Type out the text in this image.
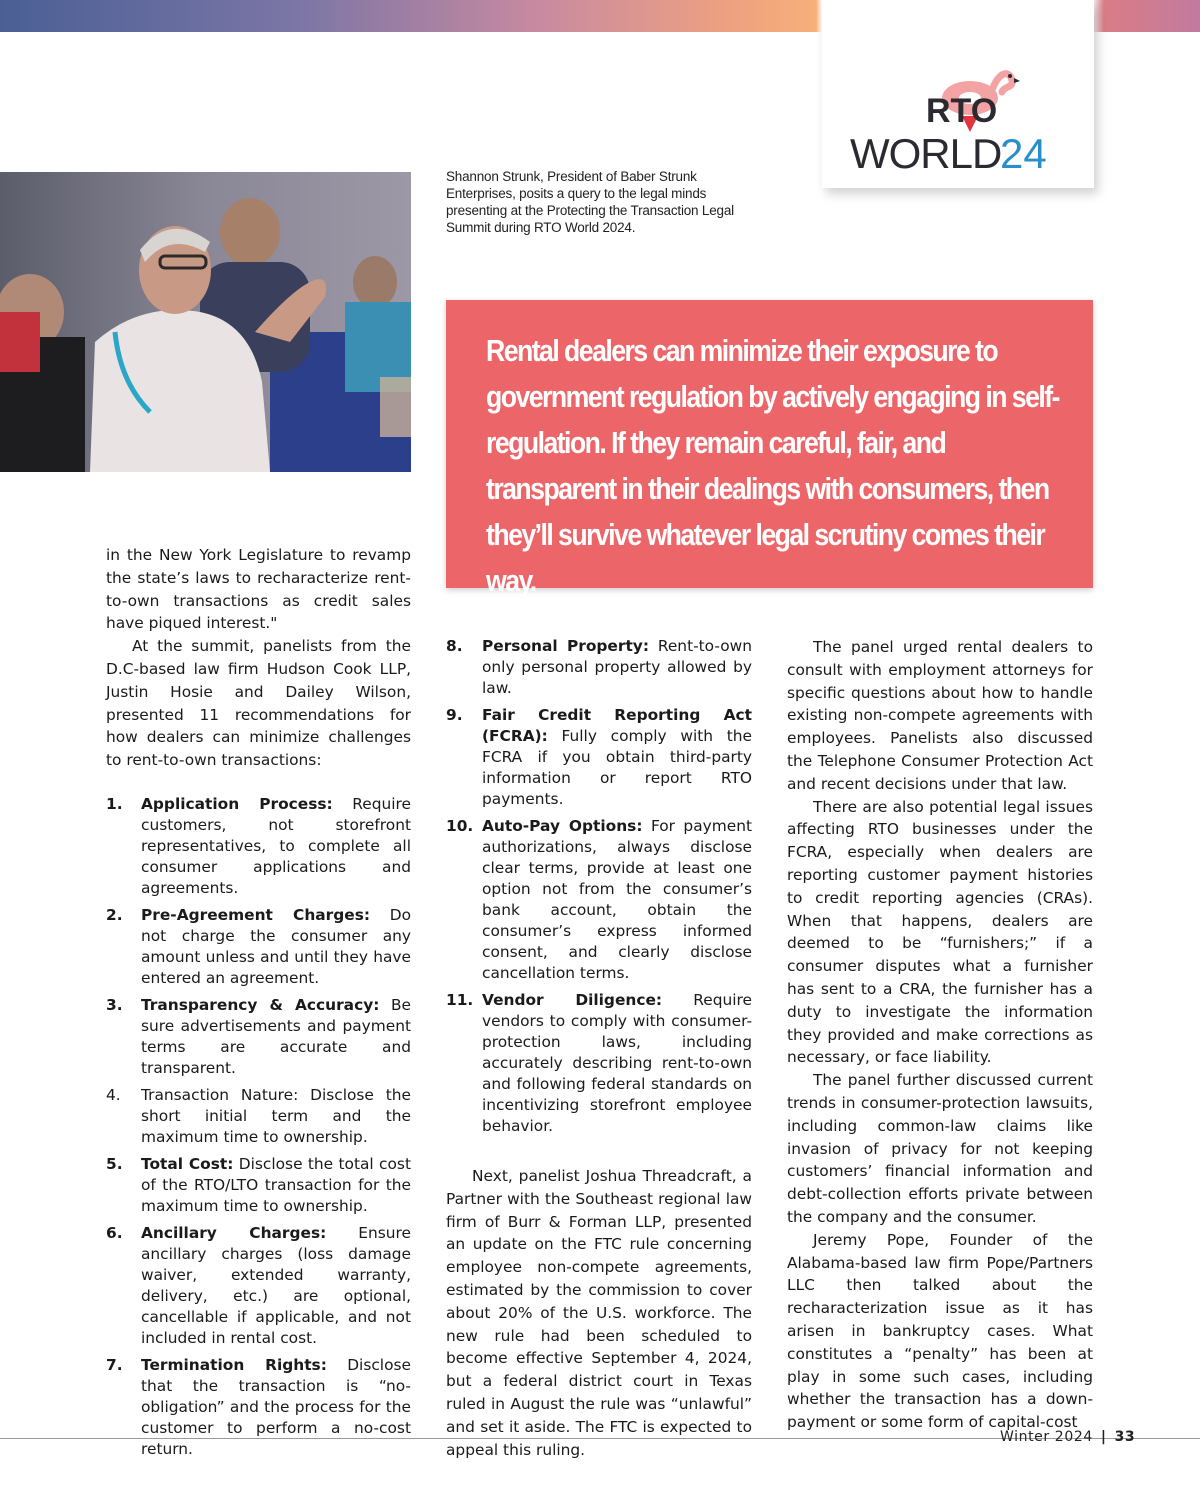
RTO
WORLD
24
Shannon Strunk, President of Baber Strunk Enterprises, posits a query to the legal minds presenting at the Protecting the Transaction Legal Summit during RTO World 2024.

Rental dealers can minimize their exposure to government regulation by actively engaging in self-regulation. If they remain careful, fair, and transparent in their dealings with consumers, then they’ll survive whatever legal scrutiny comes their way.

in the New York Legislature to revamp the state’s laws to recharacterize rent-to-own transactions as credit sales have piqued interest."

At the summit, panelists from the D.C-based law firm Hudson Cook LLP, Justin Hosie and Dailey Wilson, presented 11 recommendations for how dealers can minimize challenges to rent-to-own transactions:

1. Application Process: Require customers, not storefront representatives, to complete all consumer applications and agreements.
2. Pre-Agreement Charges: Do not charge the consumer any amount unless and until they have entered an agreement.
3. Transparency & Accuracy: Be sure advertisements and payment terms are accurate and transparent.
4. Transaction Nature: Disclose the short initial term and the maximum time to ownership.
5. Total Cost: Disclose the total cost of the RTO/LTO transaction for the maximum time to ownership.
6. Ancillary Charges: Ensure ancillary charges (loss damage waiver, extended warranty, delivery, etc.) are optional, cancellable if applicable, and not included in rental cost.
7. Termination Rights: Disclose that the transaction is “no-obligation” and the process for the customer to perform a no-cost return.
8. Personal Property: Rent-to-own only personal property allowed by law.
9. Fair Credit Reporting Act (FCRA): Fully comply with the FCRA if you obtain third-party information or report RTO payments.
10. Auto-Pay Options: For payment authorizations, always disclose clear terms, provide at least one option not from the consumer’s bank account, obtain the consumer’s express informed consent, and clearly disclose cancellation terms.
11. Vendor Diligence: Require vendors to comply with consumer-protection laws, including accurately describing rent-to-own and following federal standards on incentivizing storefront employee behavior.

Next, panelist Joshua Threadcraft, a Partner with the Southeast regional law firm of Burr & Forman LLP, presented an update on the FTC rule concerning employee non-compete agreements, estimated by the commission to cover about 20% of the U.S. workforce. The new rule had been scheduled to become effective September 4, 2024, but a federal district court in Texas ruled in August the rule was “unlawful” and set it aside. The FTC is expected to appeal this ruling.

The panel urged rental dealers to consult with employment attorneys for specific questions about how to handle existing non-compete agreements with employees. Panelists also discussed the Telephone Consumer Protection Act and recent decisions under that law.

There are also potential legal issues affecting RTO businesses under the FCRA, especially when dealers are reporting customer payment histories to credit reporting agencies (CRAs). When that happens, dealers are deemed to be “furnishers;” if a consumer disputes what a furnisher has sent to a CRA, the furnisher has a duty to investigate the information they provided and make corrections as necessary, or face liability.

The panel further discussed current trends in consumer-protection lawsuits, including common-law claims like invasion of privacy for not keeping customers’ financial information and debt-collection efforts private between the company and the consumer.

Jeremy Pope, Founder of the Alabama-based law firm Pope/Partners LLC then talked about the recharacterization issue as it has arisen in bankruptcy cases. What constitutes a “penalty” has been at play in some such cases, including whether the transaction has a down-payment or some form of capital-cost

Winter 2024 | 33
